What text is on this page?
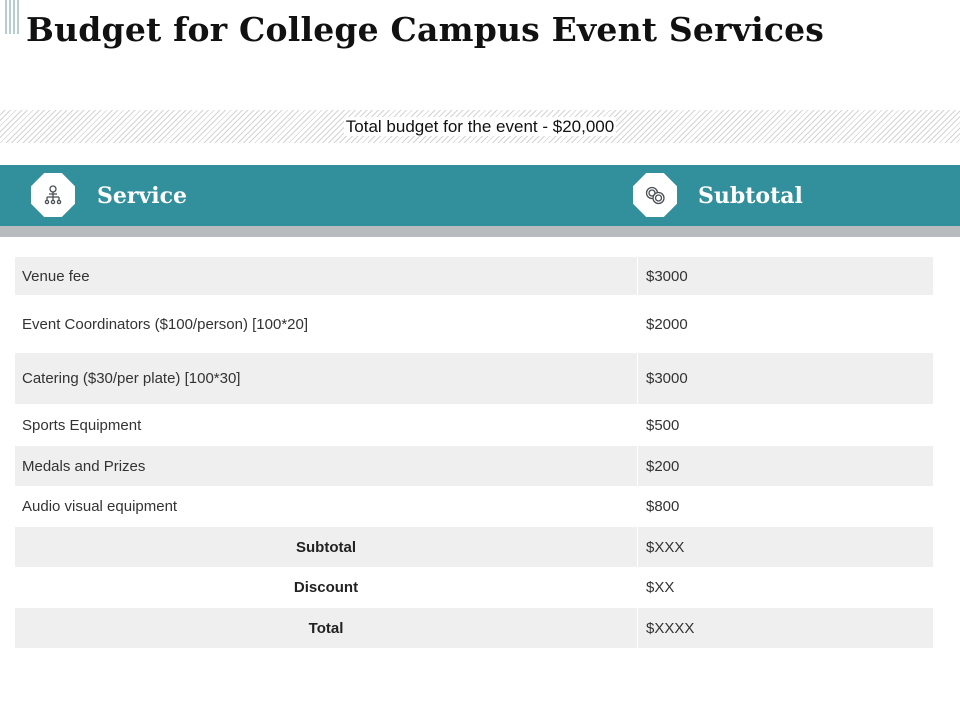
Budget for College Campus Event Services
Total budget for the event - $20,000
Service	Subtotal
Venue fee	$3000
Event Coordinators ($100/person) [100*20]	$2000
Catering ($30/per plate) [100*30]	$3000
Sports Equipment	$500
Medals and Prizes	$200
Audio visual equipment	$800
Subtotal	$XXX
Discount	$XX
Total	$XXXX
